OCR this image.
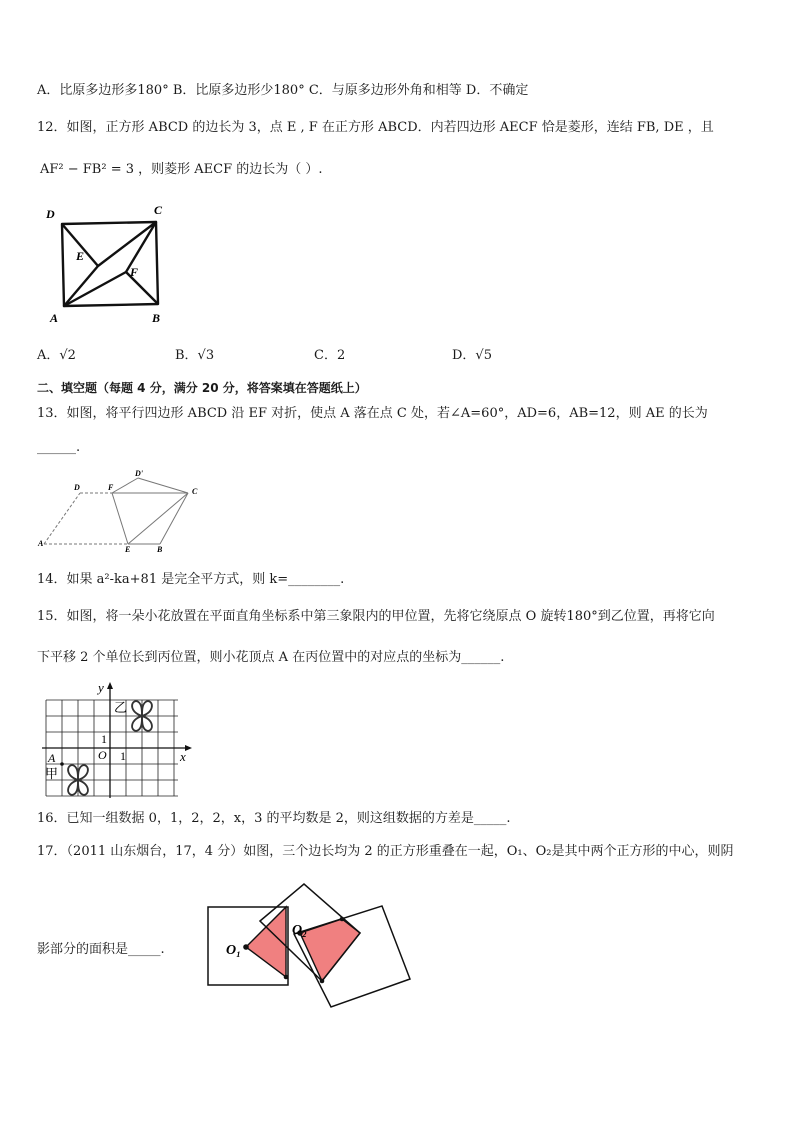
A．比原多边形多180° B．比原多边形少180° C．与原多边形外角和相等 D．不确定
12．如图，正方形 ABCD 的边长为 3，点 E , F 在正方形 ABCD．内若四边形 AECF 恰是菱形，连结 FB, DE ，且
AF² − FB² = 3 ，则菱形 AECF 的边长为（ ）.
D	C
E
F
A	B
A．√2	B．√3	C．2	D．√5
二、填空题（每题 4 分，满分 20 分，将答案填在答题纸上）
13．如图，将平行四边形 ABCD 沿 EF 对折，使点 A 落在点 C 处，若∠A=60°，AD=6，AB=12，则 AE 的长为
______.
D	F
D'
C
A
E	B
14．如果 a²-ka+81 是完全平方式，则 k=________.
15．如图，将一朵小花放置在平面直角坐标系中第三象限内的甲位置，先将它绕原点 O 旋转180°到乙位置，再将它向
下平移 2 个单位长到丙位置，则小花顶点 A 在丙位置中的对应点的坐标为______.
y
x
O 1
1
乙
甲
A
16．已知一组数据 0，1，2，2，x，3 的平均数是 2，则这组数据的方差是_____.
17．（2011 山东烟台，17，4 分）如图，三个边长均为 2 的正方形重叠在一起，O₁、O₂是其中两个正方形的中心，则阴
影部分的面积是_____.	O₁
O₂
